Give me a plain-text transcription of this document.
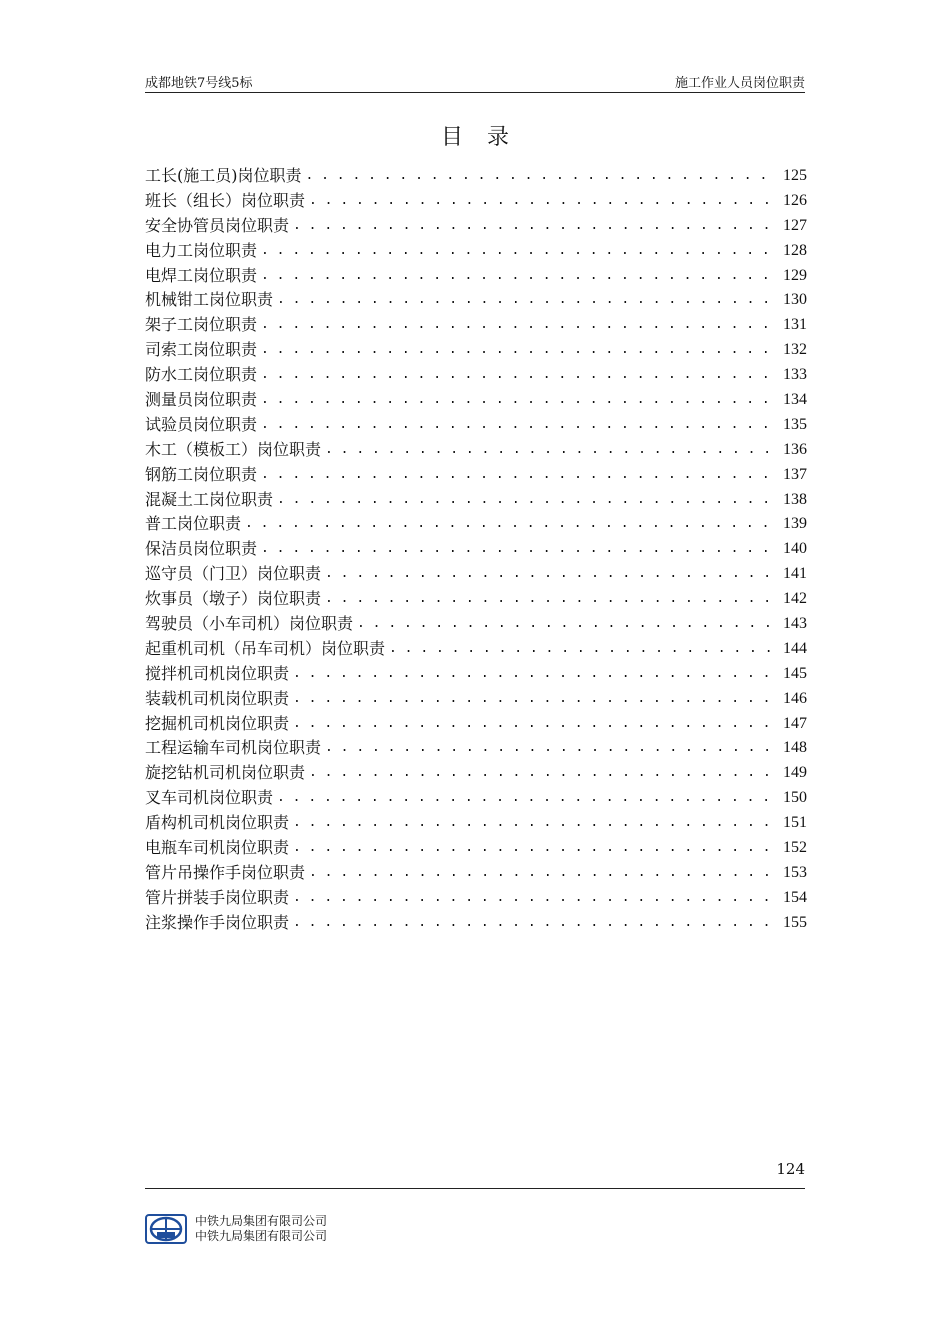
成都地铁7号线5标	施工作业人员岗位职责
目录
工长(施工员)岗位职责 . . .	125
班长（组长）岗位职责 . . .	126
安全协管员岗位职责 . . .	127
电力工岗位职责 . . .	128
电焊工岗位职责 . . .	129
机械钳工岗位职责 . . .	130
架子工岗位职责 . . .	131
司索工岗位职责 . . .	132
防水工岗位职责 . . .	133
测量员岗位职责 . . .	134
试验员岗位职责 . . .	135
木工（模板工）岗位职责 . . .	136
钢筋工岗位职责 . . .	137
混凝土工岗位职责 . . .	138
普工岗位职责 . . .	139
保洁员岗位职责 . . .	140
巡守员（门卫）岗位职责 . . .	141
炊事员（墩子）岗位职责 . . .	142
驾驶员（小车司机）岗位职责 . . .	143
起重机司机（吊车司机）岗位职责 . . .	144
搅拌机司机岗位职责 . . .	145
装载机司机岗位职责 . . .	146
挖掘机司机岗位职责 . . .	147
工程运输车司机岗位职责 . . .	148
旋挖钻机司机岗位职责 . . .	149
叉车司机岗位职责 . . .	150
盾构机司机岗位职责 . . .	151
电瓶车司机岗位职责 . . .	152
管片吊操作手岗位职责 . . .	153
管片拼装手岗位职责 . . .	154
注浆操作手岗位职责 . . .	155
124
中铁九局集团有限司公司
中铁九局集团有限司公司
